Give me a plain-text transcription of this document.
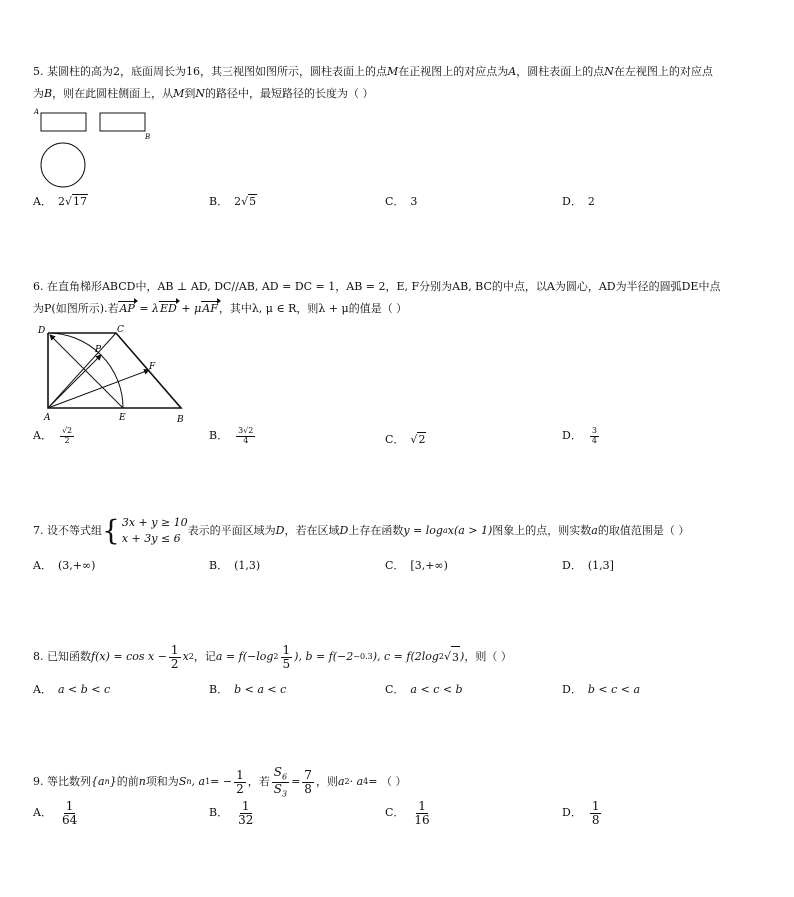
5. 某圆柱的高为2，底面周长为16，其三视图如图所示，圆柱表面上的点M在正视图上的对应点为A，圆柱表面上的点N在左视图上的对应点
为B，则在此圆柱侧面上，从M到N的路径中，最短路径的长度为（ ）
A
B
A． 2√17	B． 2√5	C． 3	D． 2
6. 在直角梯形ABCD中，AB ⊥ AD, DC//AB, AD = DC = 1，AB = 2，E, F分别为AB, BC的中点，以A为圆心，AD为半径的圆弧DE中点
为P(如图所示).若AP = λED + μAF，其中λ, μ ∈ R，则λ + μ的值是（ ）
D	C
P
F
A	E	B
A． $\frac{√2}{2}$	B． $\frac{3√2}{4}$	C． √2	D． $\frac{3}{4}$
7. 设不等式组 { 3x + y ≥ 10
x + 3y ≤ 6
表示的平面区域为 D ，若在区域 D 上存在函数 y = log a x (a > 1) 图象上的点，则实数 a 的取值范围是（ ）
A． (3,+∞)	B． (1,3)	C． [3,+∞)	D． (1,3]
8. 已知函数 $f(x) = \cos x - \frac{1}{2}$ x 2 ，记 a = f (−log $2 \frac{1}{5}$ ), b = f(−2 −0.3 ), c = f(2log 2 √ 3 ) ，则（ ）
A． a < b < c	B． b < a < c	C． a < c < b	D． b < c < a
9. 等比数列 {a n } 的前 n 项和为 S n , a 1 = − $\frac{1}{2}$ ，若 $\frac{S_6}{S_3} = \frac{7}{8}$ ，则 a 2 · a 4 = （ ）
A． $\frac{1}{64}$	B． $\frac{1}{32}$	C． $\frac{1}{16}$	D． $\frac{1}{8}$
